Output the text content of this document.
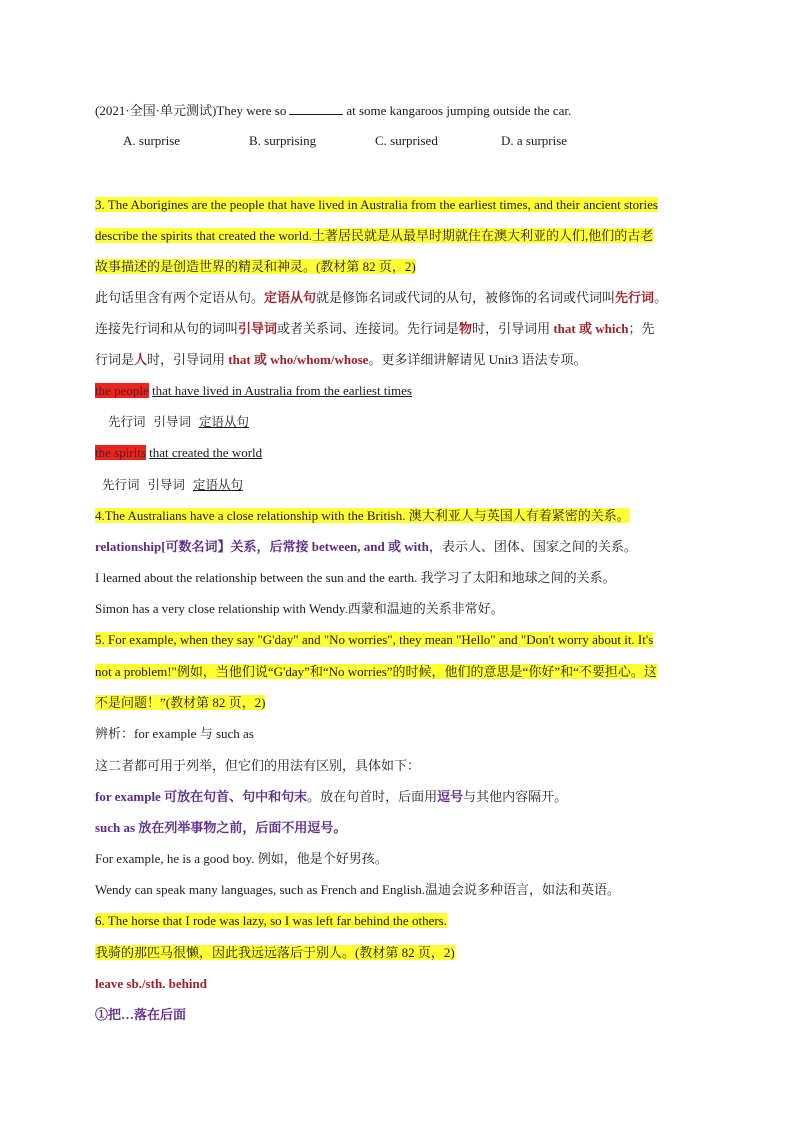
(2021·全国·单元测试)They were so	at some kangaroos jumping outside the car.
A. surprise	B. surprising	C. surprised	D. a surprise
3. The Aborigines are the people that have lived in Australia from the earliest times, and their ancient stories
describe the spirits that created the world.土著居民就是从最早时期就住在澳大利亚的人们,他们的古老
故事描述的是创造世界的精灵和神灵。(教材第 82 页，2)
此句话里含有两个定语从句。定语从句就是修饰名词或代词的从句，被修饰的名词或代词叫先行词。
连接先行词和从句的词叫引导词或者关系词、连接词。先行词是物时，引导词用 that 或 which；先
行词是人时，引导词用 that 或 who/whom/whose。更多详细讲解请见 Unit3 语法专项。
the people that have lived in Australia from the earliest times
先行词 引导词 定语从句
the spirits that created the world
先行词 引导词 定语从句
4.The Australians have a close relationship with the British. 澳大利亚人与英国人有着紧密的关系。
relationship[可数名词】关系，后常接 between, and 或 with，表示人、团体、国家之间的关系。
I learned about the relationship between the sun and the earth. 我学习了太阳和地球之间的关系。
Simon has a very close relationship with Wendy.西蒙和温迪的关系非常好。
5. For example, when they say "G'day" and "No worries", they mean "Hello" and "Don't worry about it. It's
not a problem!"例如，当他们说“G'day”和“No worries”的时候，他们的意思是“你好”和“不要担心。这
不是问题！”(教材第 82 页，2)
辨析：for example 与 such as
这二者都可用于列举，但它们的用法有区别，具体如下：
for example 可放在句首、句中和句末。放在句首时，后面用逗号与其他内容隔开。
such as 放在列举事物之前，后面不用逗号。
For example, he is a good boy. 例如，他是个好男孩。
Wendy can speak many languages, such as French and English.温迪会说多种语言，如法和英语。
6. The horse that I rode was lazy, so I was left far behind the others.
我骑的那匹马很懒，因此我远远落后于别人。(教材第 82 页，2)
leave sb./sth. behind
①把…落在后面
